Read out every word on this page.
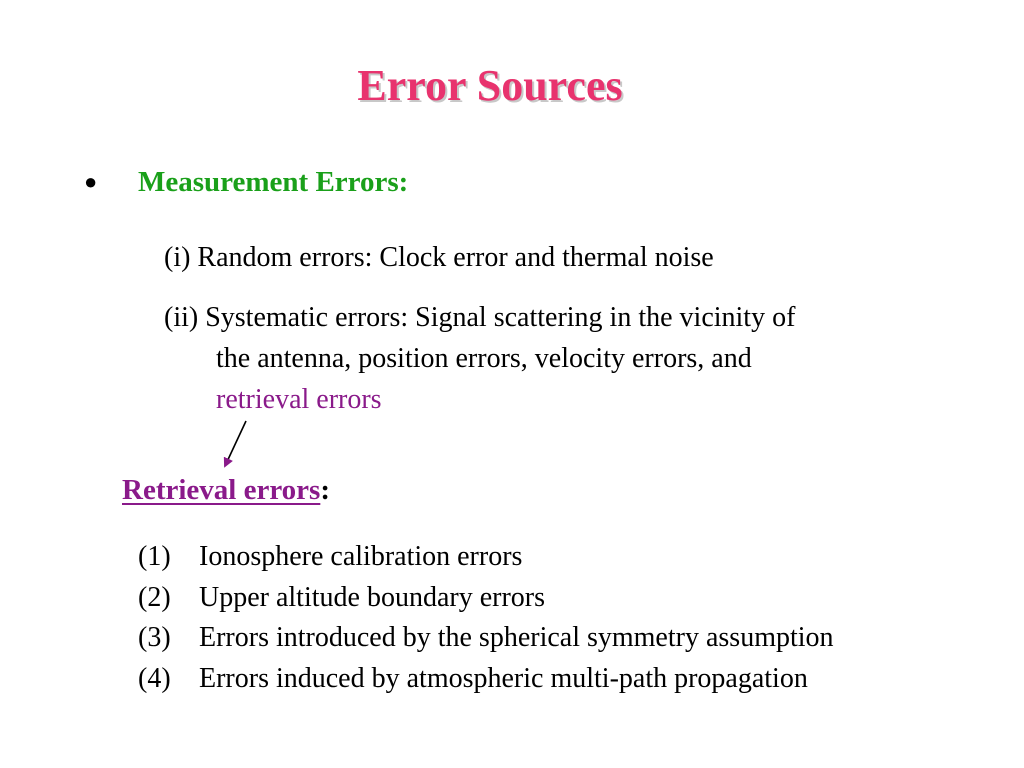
Error Sources
●	Measurement Errors:
(i) Random errors: Clock error and thermal noise
(ii) Systematic errors: Signal scattering in the vicinity of
the antenna, position errors, velocity errors, and
retrieval errors
Retrieval errors:
(1)	Ionosphere calibration errors
(2)	Upper altitude boundary errors
(3)	Errors introduced by the spherical symmetry assumption
(4)	Errors induced by atmospheric multi-path propagation
